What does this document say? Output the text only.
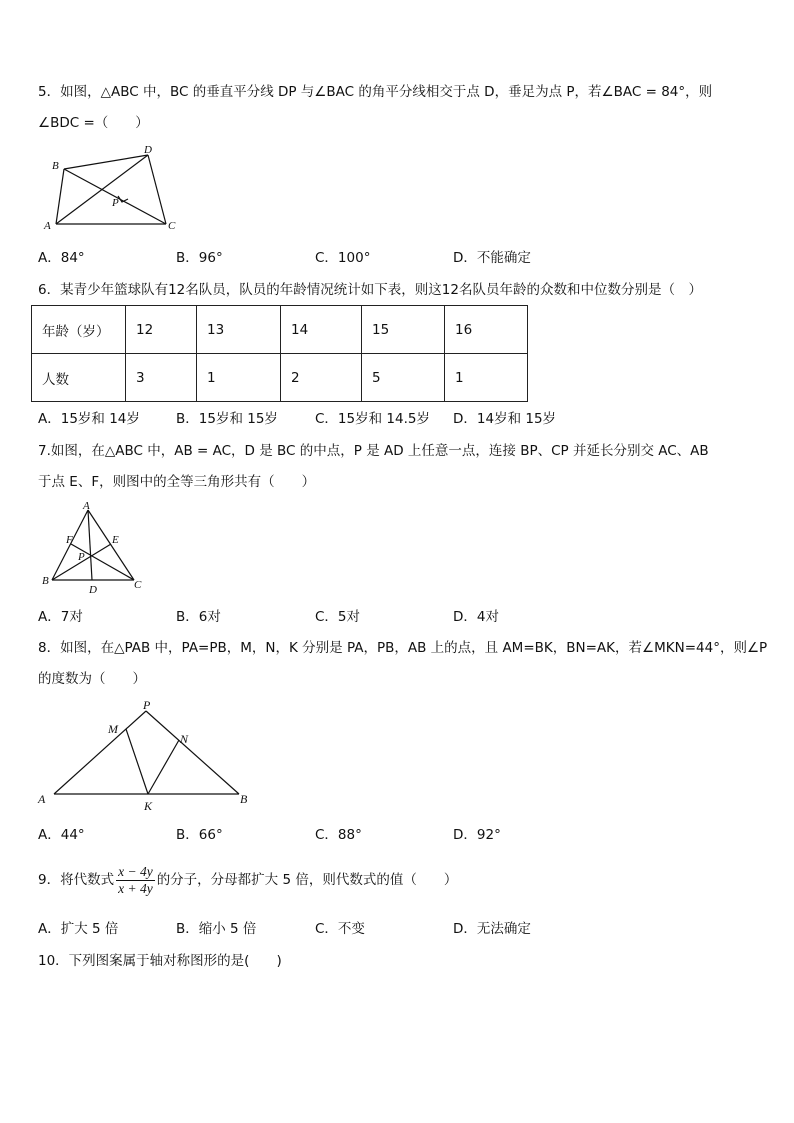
5．如图，△ABC 中，BC 的垂直平分线 DP 与∠BAC 的角平分线相交于点 D，垂足为点 P，若∠BAC = 84°，则
∠BDC =（　　）
B
D
P
A	C
A．84°	B．96°	C．100°	D．不能确定
6．某青少年篮球队有12名队员，队员的年龄情况统计如下表，则这12名队员年龄的众数和中位数分别是（　）
年龄（岁）	12	13	14	15	16
人数	3	1	2	5	1
A．15岁和 14岁	B．15岁和 15岁	C．15岁和 14.5岁 D．14岁和 15岁
7.如图，在△ABC 中，AB = AC，D 是 BC 的中点，P 是 AD 上任意一点，连接 BP、CP 并延长分别交 AC、AB
于点 E、F，则图中的全等三角形共有（　　）
A
F	E
P
B
D	C
A．7对	B．6对	C．5对	D．4对
8．如图，在△PAB 中，PA=PB，M，N，K 分别是 PA，PB，AB 上的点，且 AM=BK，BN=AK，若∠MKN=44°，则∠P
的度数为（　　）
P
M
N
A	K	B
A．44°	B．66°	C．88°	D．92°
9．将代数式 $\frac{x - 4y}{x + 4y}$ 的分子，分母都扩大 5 倍，则代数式的值（　　）
A．扩大 5 倍	B．缩小 5 倍	C．不变	D．无法确定
10．下列图案属于轴对称图形的是(　　)
